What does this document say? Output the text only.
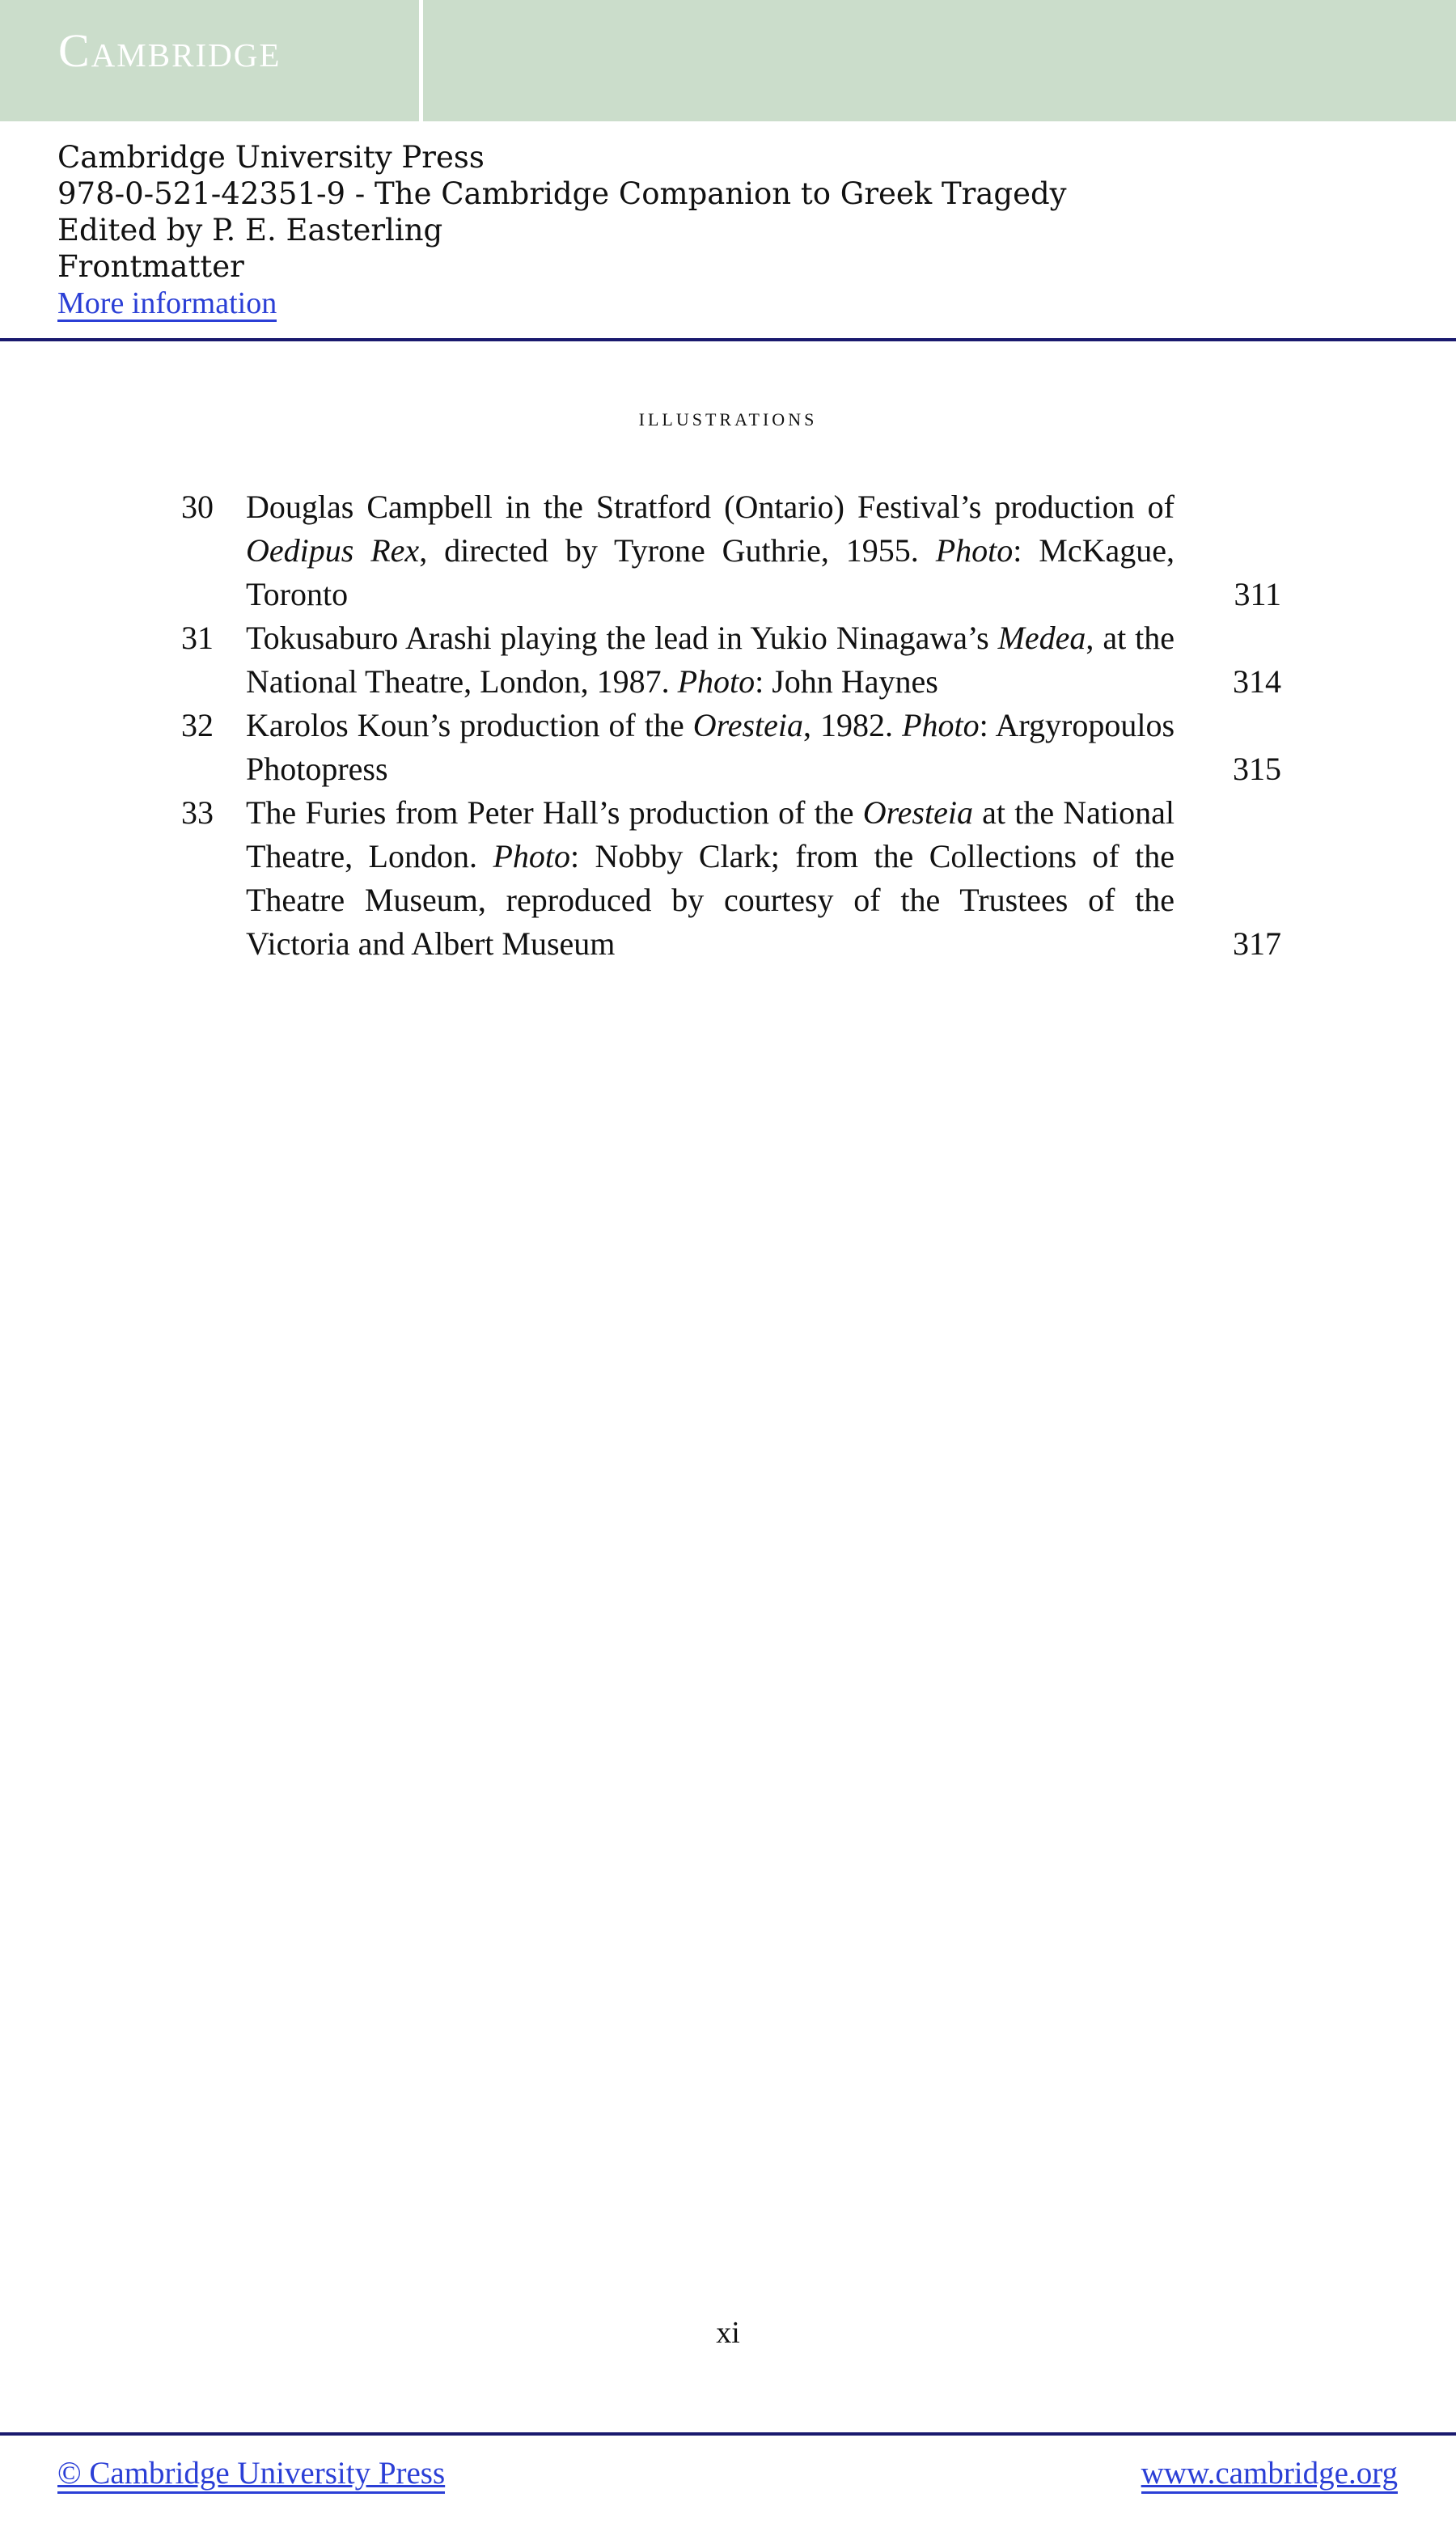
Cambridge
Cambridge University Press
978-0-521-42351-9 - The Cambridge Companion to Greek Tragedy
Edited by P. E. Easterling
Frontmatter
More information
illustrations
30	Douglas Campbell in the Stratford (Ontario) Festival’s production of Oedipus Rex, directed by Tyrone Guthrie, 1955. Photo: McKague, Toronto	311
31	Tokusaburo Arashi playing the lead in Yukio Ninagawa’s Medea, at the National Theatre, London, 1987. Photo: John Haynes	314
32	Karolos Koun’s production of the Oresteia, 1982. Photo: Argyropoulos Photopress	315
33	The Furies from Peter Hall’s production of the Oresteia at the National Theatre, London. Photo: Nobby Clark; from the Collections of the Theatre Museum, reproduced by courtesy of the Trustees of the Victoria and Albert Museum	317
xi
© Cambridge University Press	www.cambridge.org
